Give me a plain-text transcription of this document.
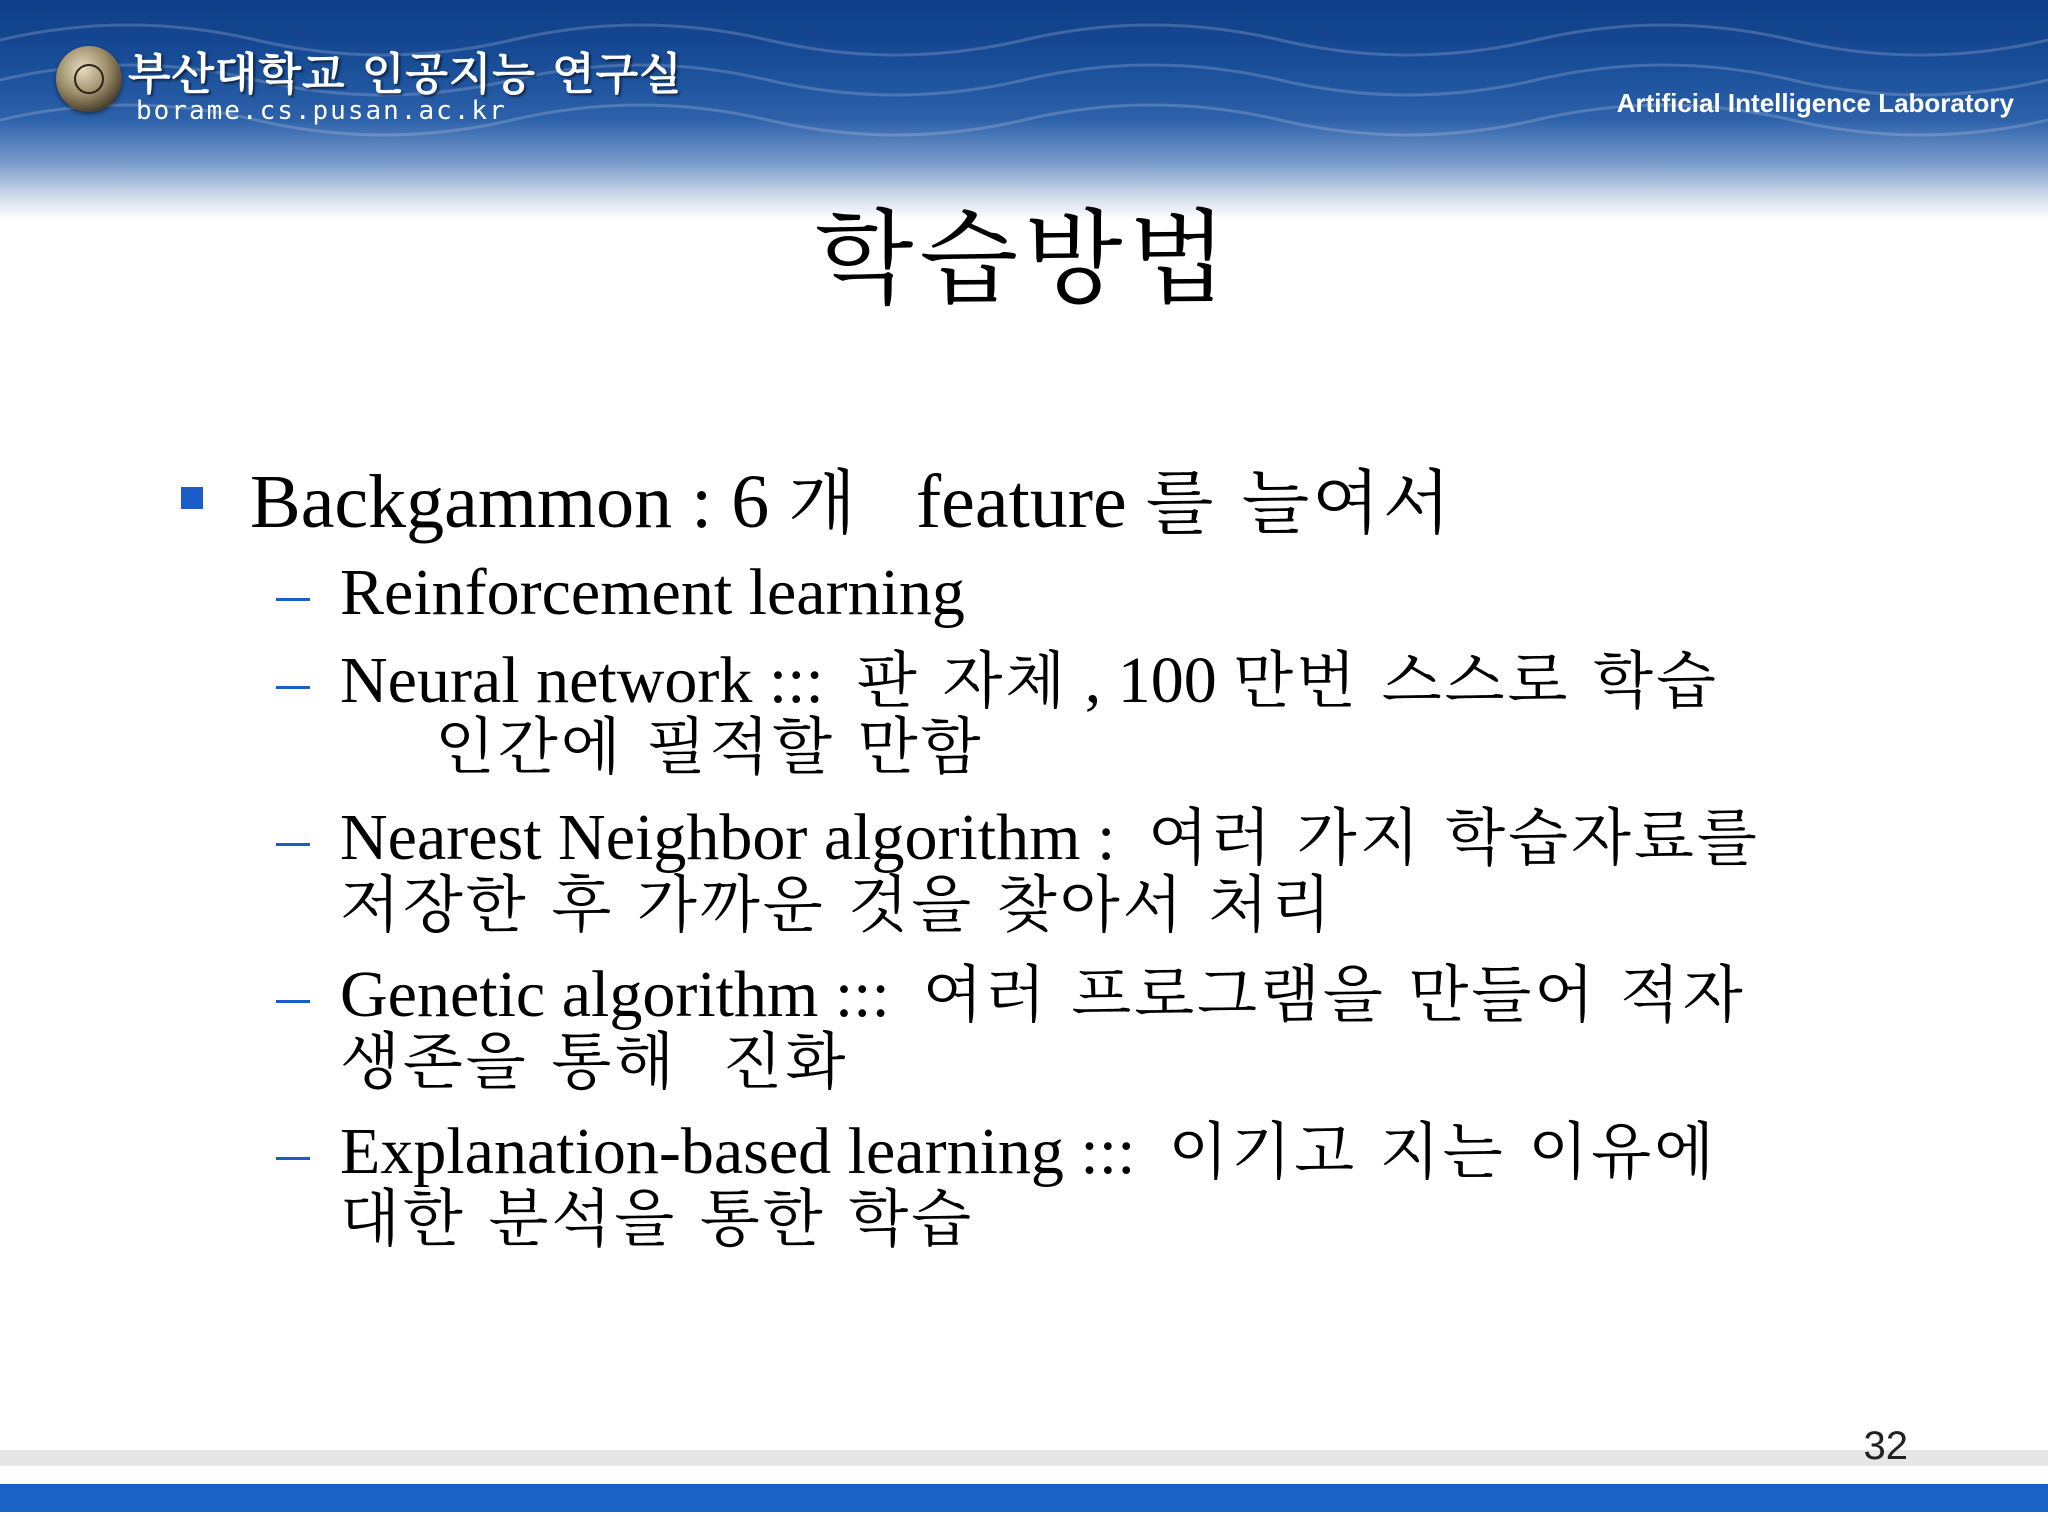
부산대학교 인공지능 연구실
borame.cs.pusan.ac.kr	Artificial Intelligence Laboratory
학습방법
Backgammon : 6 개 feature 를 늘여서
Reinforcement learning
Neural network ::: 판 자체 , 100 만번 스스로 학습
인간에 필적할 만함
Nearest Neighbor algorithm : 여러 가지 학습자료를
저장한 후 가까운 것을 찾아서 처리
Genetic algorithm ::: 여러 프로그램을 만들어 적자
생존을 통해  진화
Explanation-based learning ::: 이기고 지는 이유에
대한 분석을 통한 학습
32
